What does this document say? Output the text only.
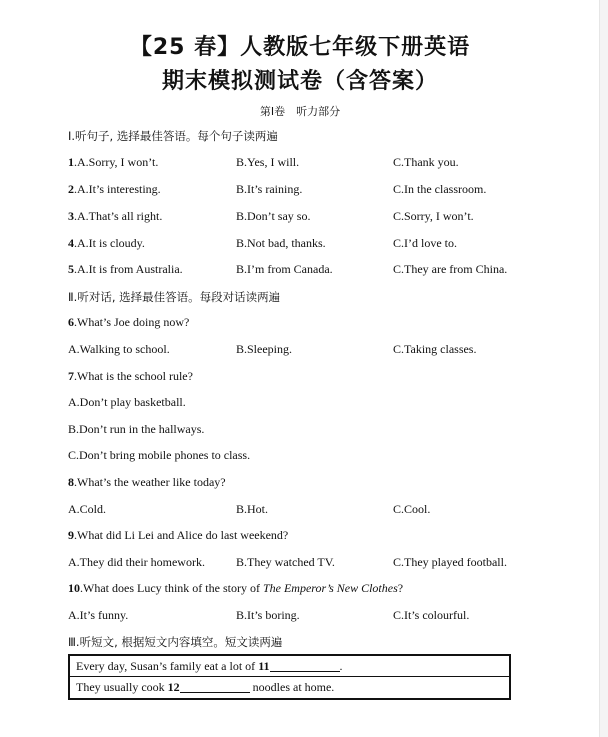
【25 春】人教版七年级下册英语
期末模拟测试卷（含答案）
第Ⅰ卷　听力部分
Ⅰ.听句子, 选择最佳答语。每个句子读两遍
1.A.Sorry, I won’t.	B.Yes, I will.	C.Thank you.
2.A.It’s interesting.	B.It’s raining.	C.In the classroom.
3.A.That’s all right.	B.Don’t say so.	C.Sorry, I won’t.
4.A.It is cloudy.	B.Not bad, thanks.	C.I’d love to.
5.A.It is from Australia.	B.I’m from Canada.	C.They are from China.
Ⅱ.听对话, 选择最佳答语。每段对话读两遍
6.What’s Joe doing now?
A.Walking to school.	B.Sleeping.	C.Taking classes.
7.What is the school rule?
A.Don’t play basketball.
B.Don’t run in the hallways.
C.Don’t bring mobile phones to class.
8.What’s the weather like today?
A.Cold.	B.Hot.	C.Cool.
9.What did Li Lei and Alice do last weekend?
A.They did their homework.	B.They watched TV.	C.They played football.
10.What does Lucy think of the story of The Emperor’s New Clothes?
A.It’s funny.	B.It’s boring.	C.It’s colourful.
Ⅲ.听短文, 根据短文内容填空。短文读两遍
Every day, Susan’s family eat a lot of 11	.
They usually cook 12	noodles at home.
